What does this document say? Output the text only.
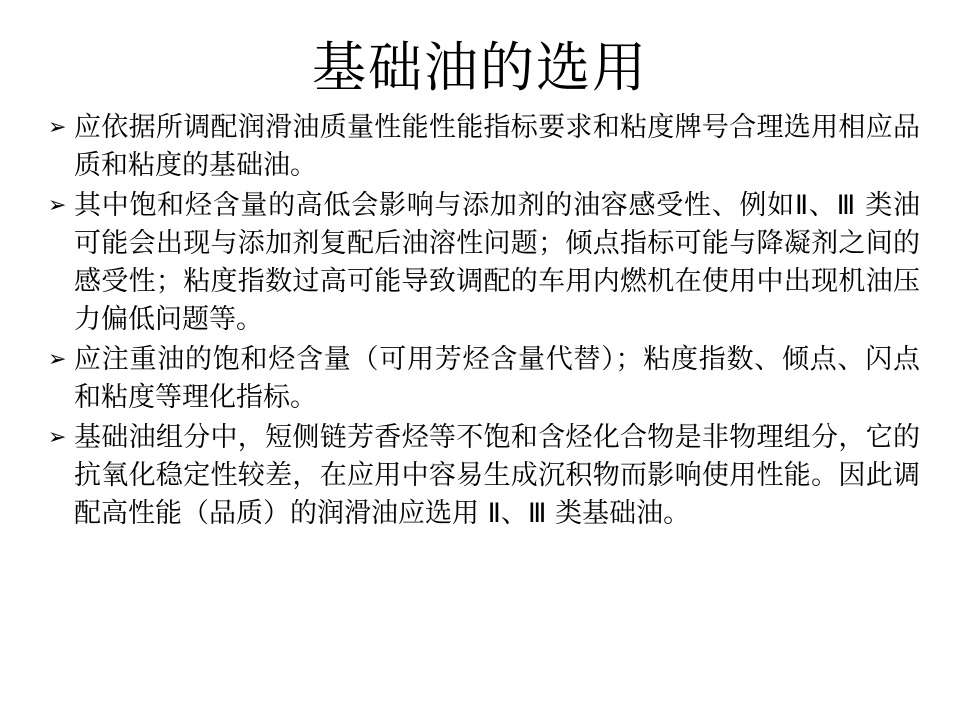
基础油的选用
➢ 应依据所调配润滑油质量性能性能指标要求和粘度牌号合理选用相应品质和粘度的基础油。
➢ 其中饱和烃含量的高低会影响与添加剂的油容感受性、例如Ⅱ、Ⅲ 类油可能会出现与添加剂复配后油溶性问题；倾点指标可能与降凝剂之间的感受性；粘度指数过高可能导致调配的车用内燃机在使用中出现机油压力偏低问题等。
➢ 应注重油的饱和烃含量（可用芳烃含量代替）；粘度指数、倾点、闪点和粘度等理化指标。
➢ 基础油组分中，短侧链芳香烃等不饱和含烃化合物是非物理组分，它的抗氧化稳定性较差，在应用中容易生成沉积物而影响使用性能。因此调配高性能（品质）的润滑油应选用 Ⅱ、Ⅲ 类基础油。
